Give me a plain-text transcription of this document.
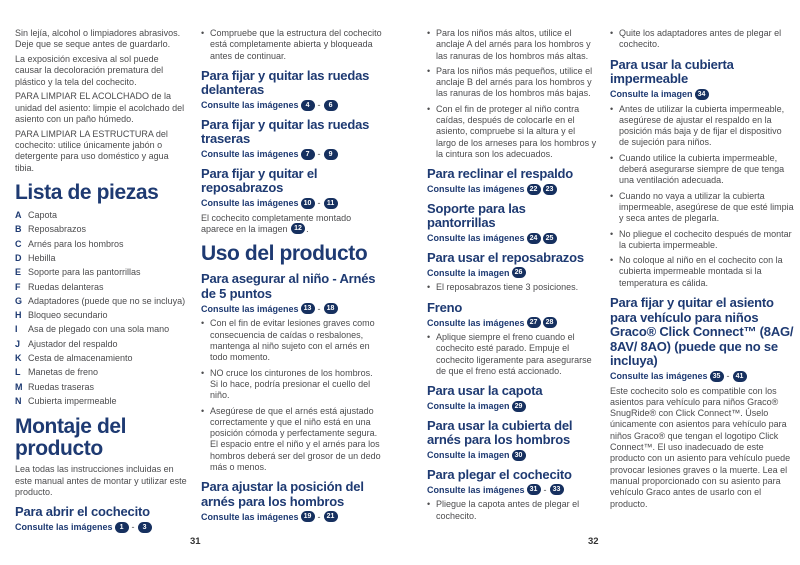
Sin lejía, alcohol o limpiadores abrasivos. Deje que se seque antes de guardarlo.
La exposición excesiva al sol puede causar la decoloración prematura del plástico y la tela del cochecito.
PARA LIMPIAR EL ACOLCHADO de la unidad del asiento: limpie el acolchado del asiento con un paño húmedo.
PARA LIMPIAR LA ESTRUCTURA del cochecito: utilice únicamente jabón o detergente para uso doméstico y agua tibia.
Lista de piezas
A Capota
B Reposabrazos
C Arnés para los hombros
D Hebilla
E Soporte para las pantorrillas
F Ruedas delanteras
G Adaptadores (puede que no se incluya)
H Bloqueo secundario
I	Asa de plegado con una sola mano
J Ajustador del respaldo
K Cesta de almacenamiento
L Manetas de freno
M Ruedas traseras
N Cubierta impermeable
Montaje del producto
Lea todas las instrucciones incluidas en este manual antes de montar y utilizar este producto.
Para abrir el cochecito
Consulte las imágenes	1 -	3
• Compruebe que la estructura del cochecito está completamente abierta y bloqueada antes de continuar.
Para fijar y quitar las ruedas delanteras
Consulte las imágenes	4 -	6
Para fijar y quitar las ruedas traseras
Consulte las imágenes	7 -	9
Para fijar y quitar el reposabrazos
Consulte las imágenes 10 - 11
El cochecito completamente montado aparece en la imagen 12 .
Uso del producto
Para asegurar al niño - Arnés de 5 puntos
Consulte las imágenes 13 - 18
• Con el fin de evitar lesiones graves como consecuencia de caídas o resbalones, mantenga al niño sujeto con el arnés en todo momento.
• NO cruce los cinturones de los hombros. Si lo hace, podría presionar el cuello del niño.
• Asegúrese de que el arnés está ajustado correctamente y que el niño está en una posición cómoda y perfectamente segura. El espacio entre el niño y el arnés para los hombros deberá ser del grosor de un dedo más o menos.
Para ajustar la posición del arnés para los hombros
Consulte las imágenes 19 - 21
• Para los niños más altos, utilice el anclaje A del arnés para los hombros y las ranuras de los hombros más altas.
• Para los niños más pequeños, utilice el anclaje B del arnés para los hombros y las ranuras de los hombros más bajas.
• Con el fin de proteger al niño contra caídas, después de colocarle en el asiento, compruebe si la altura y el largo de los arneses para los hombros y la cintura son los adecuados.
Para reclinar el respaldo
Consulte las imágenes 22	23
Soporte para las pantorrillas
Consulte las imágenes 24	25
Para usar el reposabrazos
Consulte la imagen 26
• El reposabrazos tiene 3 posiciones.
Freno
Consulte las imágenes 27	28
• Aplique siempre el freno cuando el cochecito esté parado. Empuje el cochecito ligeramente para asegurarse de que el freno está accionado.
Para usar la capota
Consulte la imagen 29
Para usar la cubierta del arnés para los hombros
Consulte la imagen 30
Para plegar el cochecito
Consulte las imágenes 31 - 33
• Pliegue la capota antes de plegar el cochecito.
• Quite los adaptadores antes de plegar el cochecito.
Para usar la cubierta impermeable
Consulte la imagen 34
• Antes de utilizar la cubierta impermeable, asegúrese de ajustar el respaldo en la posición más baja y de fijar el dispositivo de sujeción para niños.
• Cuando utilice la cubierta impermeable, deberá asegurarse siempre de que tenga una ventilación adecuada.
• Cuando no vaya a utilizar la cubierta impermeable, asegúrese de que esté limpia y seca antes de plegarla.
• No pliegue el cochecito después de montar la cubierta impermeable.
• No coloque al niño en el cochecito con la cubierta impermeable montada si la temperatura es cálida.
Para fijar y quitar el asiento para vehículo para niños Graco® Click Connect™ (8AG/ 8AV/ 8AO) (puede que no se incluya)
Consulte las imágenes 35 - 41
Este cochecito solo es compatible con los asientos para vehículo para niños Graco® SnugRide® con Click Connect™. Úselo únicamente con asientos para vehículo para niños Graco® que tengan el logotipo Click Connect™. El uso inadecuado de este producto con un asiento para vehículo puede provocar lesiones graves o la muerte. Lea el manual proporcionado con su asiento para vehículo Graco antes de usarlo con el producto.
31	32
